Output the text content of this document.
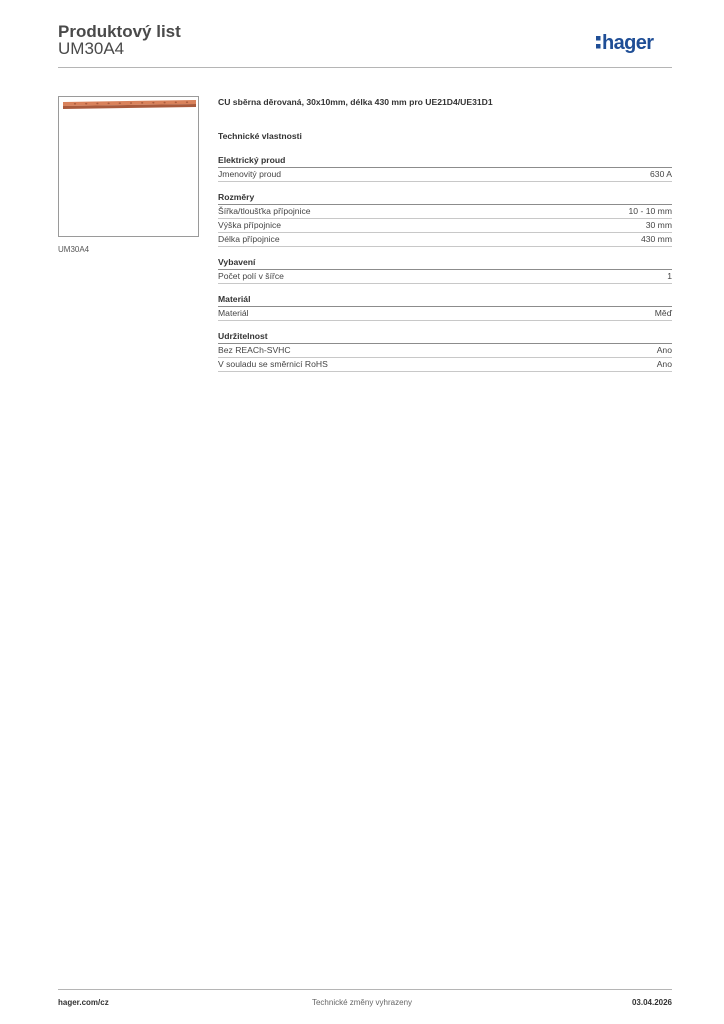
Produktový list
UM30A4	hager
UM30A4
CU sběrna děrovaná, 30x10mm, délka 430 mm pro UE21D4/UE31D1
Technické vlastnosti
Elektrický proud
Jmenovitý proud	630 A
Rozměry
Šířka/tloušťka přípojnice	10 - 10 mm
Výška přípojnice	30 mm
Délka přípojnice	430 mm
Vybavení
Počet polí v šířce	1
Materiál
Materiál	Měď
Udržitelnost
Bez REACh-SVHC	Ano
V souladu se směrnicí RoHS	Ano
hager.com/cz	Technické změny vyhrazeny	03.04.2026
